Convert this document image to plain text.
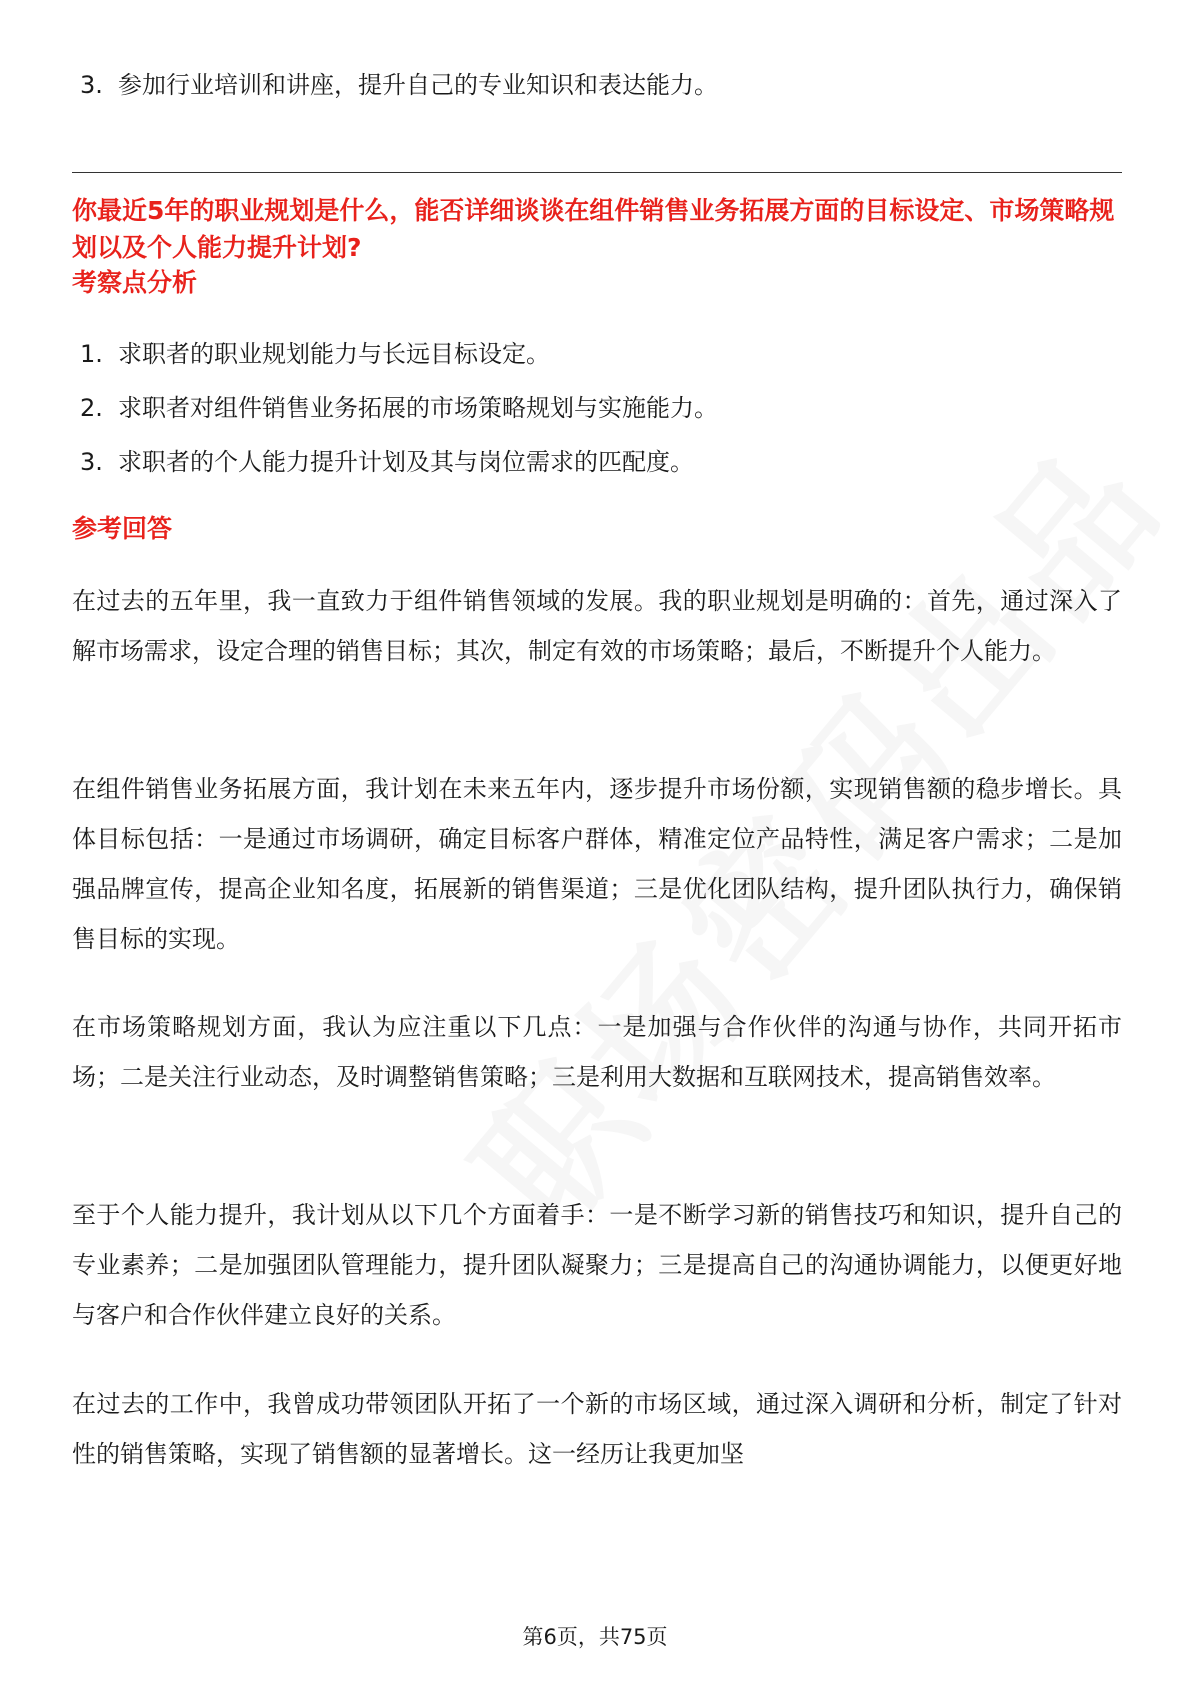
3. 参加行业培训和讲座，提升自己的专业知识和表达能力。
你最近5年的职业规划是什么，能否详细谈谈在组件销售业务拓展方面的目标设定、市场策略规划以及个人能力提升计划?
考察点分析
1. 求职者的职业规划能力与长远目标设定。
2. 求职者对组件销售业务拓展的市场策略规划与实施能力。
3. 求职者的个人能力提升计划及其与岗位需求的匹配度。
参考回答
在过去的五年里，我一直致力于组件销售领域的发展。我的职业规划是明确的：首先，通过深入了解市场需求，设定合理的销售目标；其次，制定有效的市场策略；最后，不断提升个人能力。
在组件销售业务拓展方面，我计划在未来五年内，逐步提升市场份额，实现销售额的稳步增长。具体目标包括：一是通过市场调研，确定目标客户群体，精准定位产品特性，满足客户需求；二是加强品牌宣传，提高企业知名度，拓展新的销售渠道；三是优化团队结构，提升团队执行力，确保销售目标的实现。
在市场策略规划方面，我认为应注重以下几点：一是加强与合作伙伴的沟通与协作，共同开拓市场；二是关注行业动态，及时调整销售策略；三是利用大数据和互联网技术，提高销售效率。
至于个人能力提升，我计划从以下几个方面着手：一是不断学习新的销售技巧和知识，提升自己的专业素养；二是加强团队管理能力，提升团队凝聚力；三是提高自己的沟通协调能力，以便更好地与客户和合作伙伴建立良好的关系。
在过去的工作中，我曾成功带领团队开拓了一个新的市场区域，通过深入调研和分析，制定了针对性的销售策略，实现了销售额的显著增长。这一经历让我更加坚
第6页，共75页
